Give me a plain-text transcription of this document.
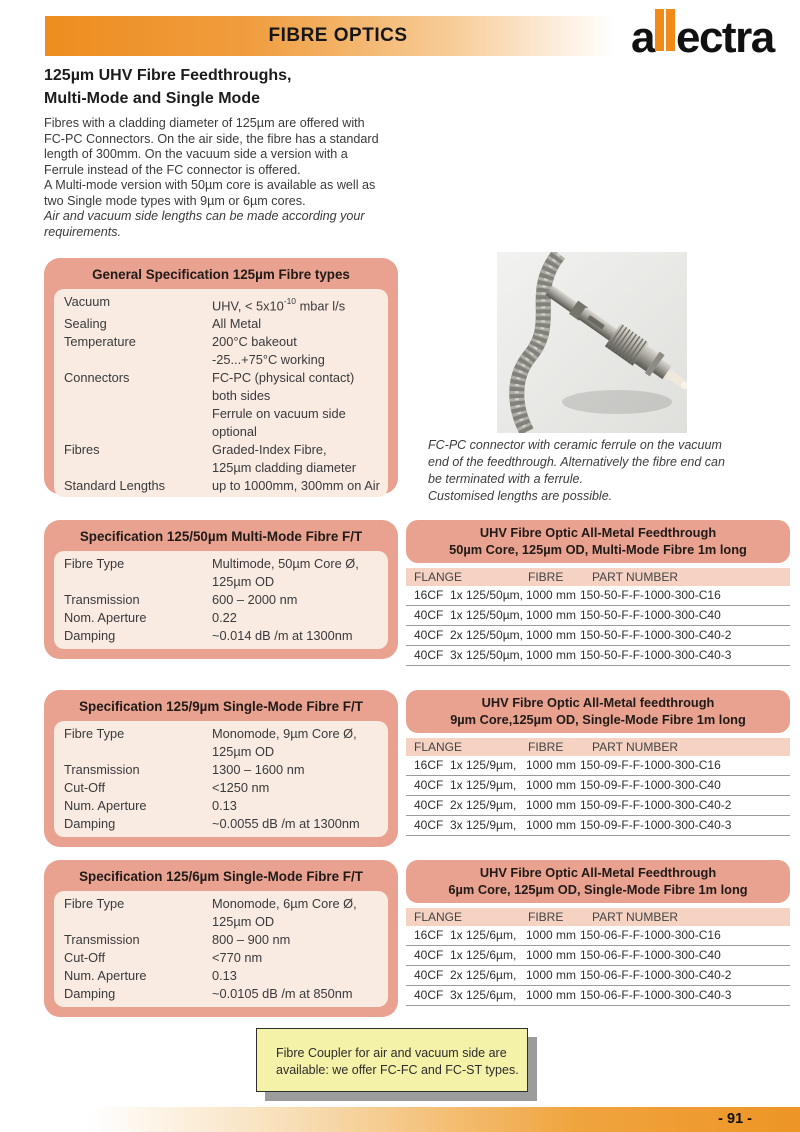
FIBRE OPTICS	a ectra
125µm UHV Fibre Feedthroughs,
Multi-Mode and Single Mode
Fibres with a cladding diameter of 125µm are offered with
FC-PC Connectors. On the air side, the fibre has a standard
length of 300mm. On the vacuum side a version with a
Ferrule instead of the FC connector is offered.
A Multi-mode version with 50µm core is available as well as
two Single mode types with 9µm or 6µm cores.
Air and vacuum side lengths can be made according your
requirements.
General Specification 125µm Fibre types
Vacuum	UHV, < $5x10^{-10}$ mbar l/s
Sealing	All Metal
Temperature	200°C bakeout
-25...+75°C working
Connectors	FC-PC (physical contact)
both sides
Ferrule on vacuum side
optional
Fibres	Graded-Index Fibre,
125µm cladding diameter
Standard Lengths	up to 1000mm, 300mm on Air
FC-PC connector with ceramic ferrule on the vacuum
end of the feedthrough. Alternatively the fibre end can
be terminated with a ferrule.
Customised lengths are possible.
Specification 125/50µm Multi-Mode Fibre F/T
Fibre Type	Multimode, 50µm Core Ø,
125µm OD
Transmission	600 – 2000 nm
Nom. Aperture	0.22
Damping	~0.014 dB /m at 1300nm
UHV Fibre Optic All-Metal Feedthrough
50µm Core, 125µm OD, Multi-Mode Fibre 1m long
FLANGE	FIBRE	PART NUMBER
16CF 1x 125/50µm, 1000 mm 150-50-F-F-1000-300-C16
40CF 1x 125/50µm, 1000 mm 150-50-F-F-1000-300-C40
40CF 2x 125/50µm, 1000 mm 150-50-F-F-1000-300-C40-2
40CF 3x 125/50µm, 1000 mm 150-50-F-F-1000-300-C40-3
Specification 125/9µm Single-Mode Fibre F/T
Fibre Type	Monomode, 9µm Core Ø,
125µm OD
Transmission	1300 – 1600 nm
Cut-Off	<1250 nm
Num. Aperture	0.13
Damping	~0.0055 dB /m at 1300nm
UHV Fibre Optic All-Metal feedthrough
9µm Core,125µm OD, Single-Mode Fibre 1m long
FLANGE	FIBRE	PART NUMBER
16CF 1x 125/9µm, 1000 mm 150-09-F-F-1000-300-C16
40CF 1x 125/9µm, 1000 mm 150-09-F-F-1000-300-C40
40CF 2x 125/9µm, 1000 mm 150-09-F-F-1000-300-C40-2
40CF 3x 125/9µm, 1000 mm 150-09-F-F-1000-300-C40-3
Specification 125/6µm Single-Mode Fibre F/T
Fibre Type	Monomode, 6µm Core Ø,
125µm OD
Transmission	800 – 900 nm
Cut-Off	<770 nm
Num. Aperture	0.13
Damping	~0.0105 dB /m at 850nm
UHV Fibre Optic All-Metal Feedthrough
6µm Core, 125µm OD, Single-Mode Fibre 1m long
FLANGE	FIBRE	PART NUMBER
16CF 1x 125/6µm, 1000 mm 150-06-F-F-1000-300-C16
40CF 1x 125/6µm, 1000 mm 150-06-F-F-1000-300-C40
40CF 2x 125/6µm, 1000 mm 150-06-F-F-1000-300-C40-2
40CF 3x 125/6µm, 1000 mm 150-06-F-F-1000-300-C40-3
Fibre Coupler for air and vacuum side are
available: we offer FC-FC and FC-ST types.
- 91 -
